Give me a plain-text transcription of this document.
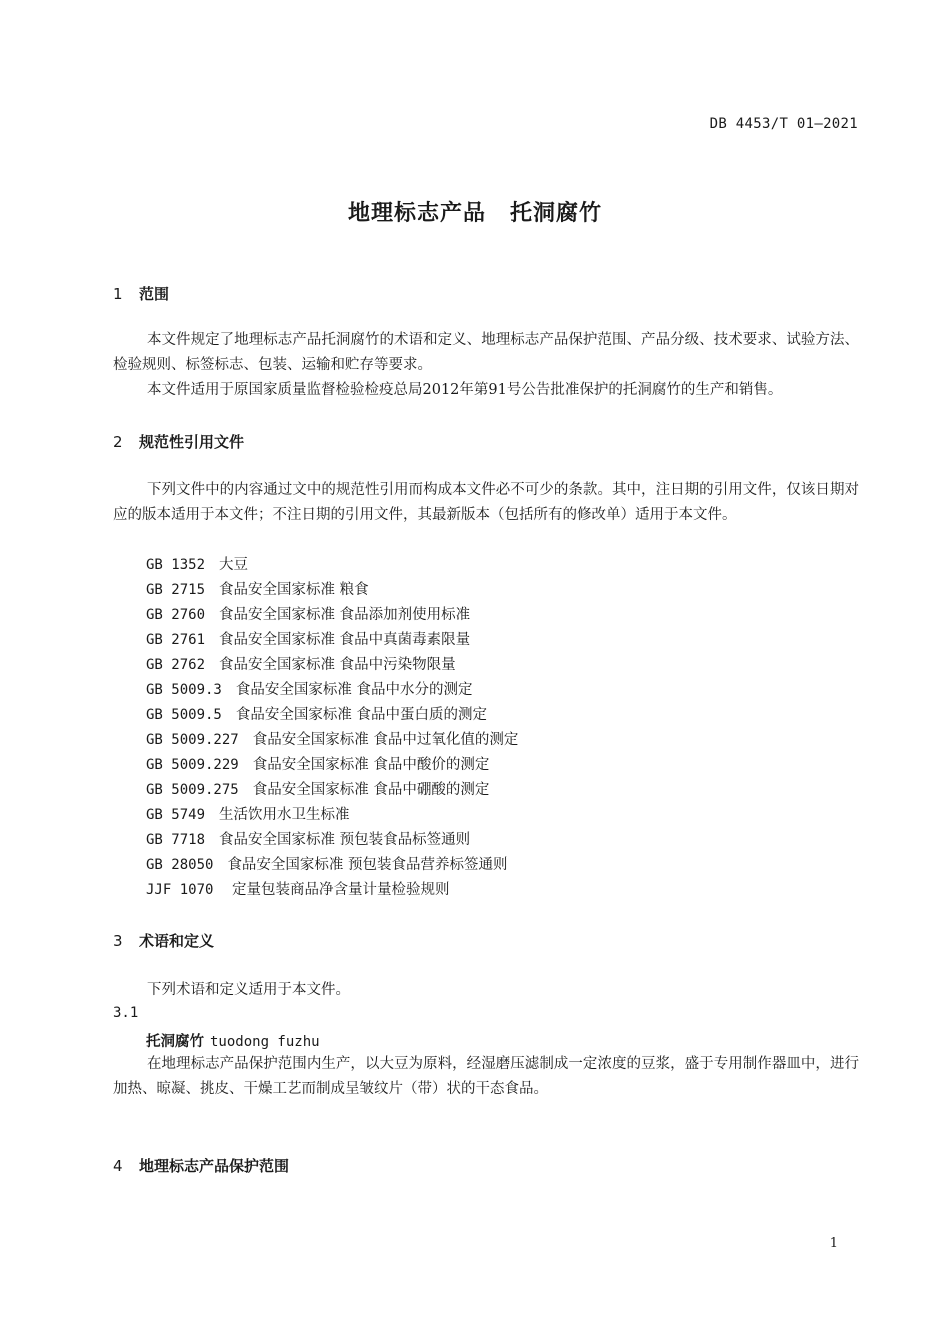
DB 4453/T 01—2021
地理标志产品 托洞腐竹
1 范围

本文件规定了地理标志产品托洞腐竹的术语和定义、地理标志产品保护范围、产品分级、技术要求、试验方法、检验规则、标签标志、包装、运输和贮存等要求。

本文件适用于原国家质量监督检验检疫总局2012年第91号公告批准保护的托洞腐竹的生产和销售。

2 规范性引用文件

下列文件中的内容通过文中的规范性引用而构成本文件必不可少的条款。其中，注日期的引用文件，仅该日期对应的版本适用于本文件；不注日期的引用文件，其最新版本（包括所有的修改单）适用于本文件。

GB 1352 大豆
GB 2715 食品安全国家标准 粮食
GB 2760 食品安全国家标准 食品添加剂使用标准
GB 2761 食品安全国家标准 食品中真菌毒素限量
GB 2762 食品安全国家标准 食品中污染物限量
GB 5009.3 食品安全国家标准 食品中水分的测定
GB 5009.5 食品安全国家标准 食品中蛋白质的测定
GB 5009.227 食品安全国家标准 食品中过氧化值的测定
GB 5009.229 食品安全国家标准 食品中酸价的测定
GB 5009.275 食品安全国家标准 食品中硼酸的测定
GB 5749 生活饮用水卫生标准
GB 7718 食品安全国家标准 预包装食品标签通则
GB 28050 食品安全国家标准 预包装食品营养标签通则
JJF 1070 定量包装商品净含量计量检验规则
3 术语和定义

下列术语和定义适用于本文件。

3.1
托洞腐竹 tuodong fuzhu

在地理标志产品保护范围内生产，以大豆为原料，经湿磨压滤制成一定浓度的豆浆，盛于专用制作器皿中，进行加热、晾凝、挑皮、干燥工艺而制成呈皱纹片（带）状的干态食品。

4 地理标志产品保护范围
1
